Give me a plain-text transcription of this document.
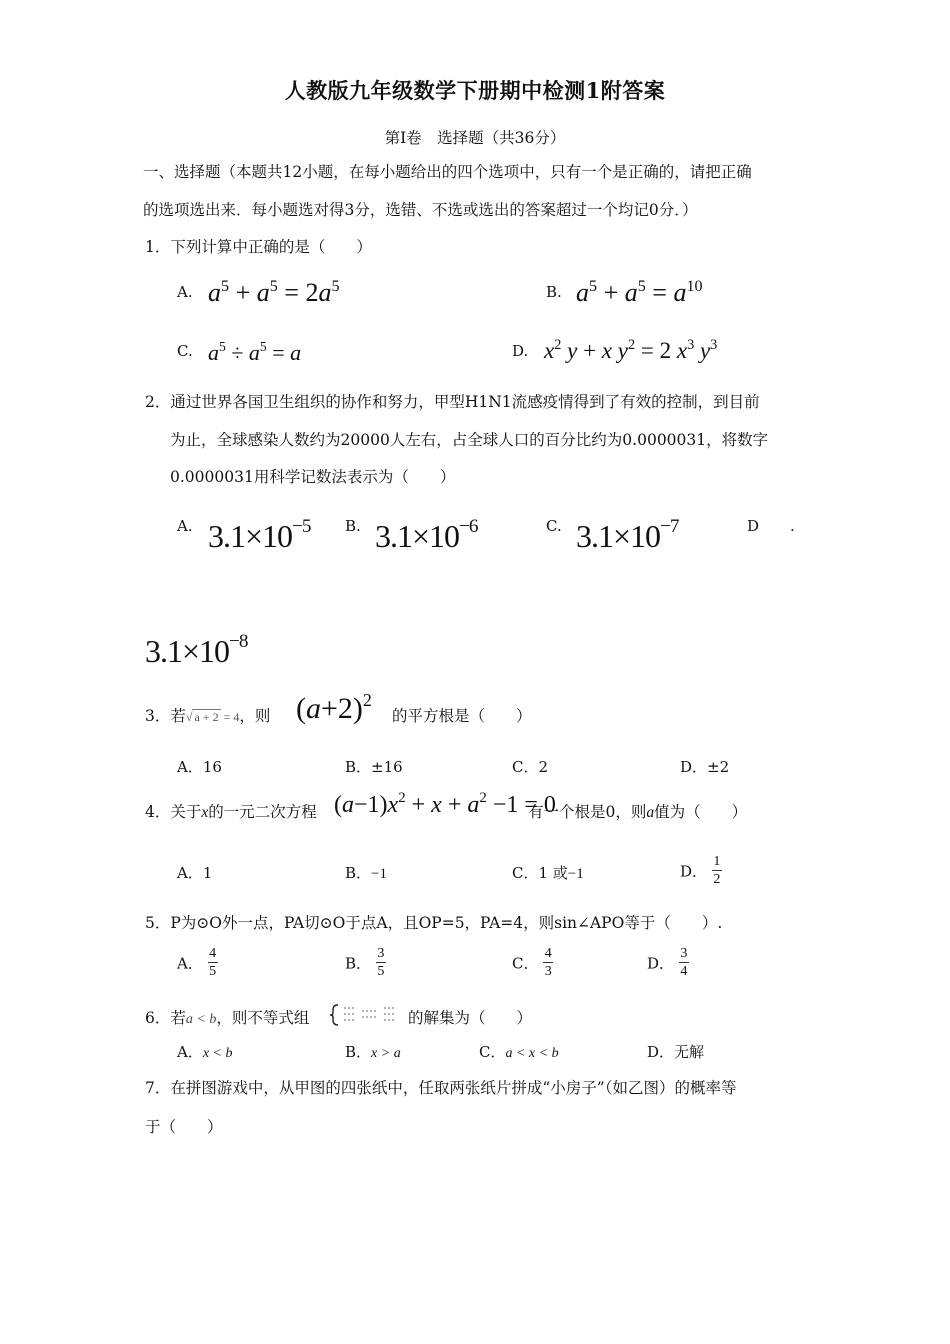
人教版九年级数学下册期中检测1附答案
第Ⅰ卷　选择题（共36分）
一、选择题（本题共12小题，在每小题给出的四个选项中，只有一个是正确的，请把正确
的选项选出来．每小题选对得3分，选错、不选或选出的答案超过一个均记0分．）
1．下列计算中正确的是（　　）
A. $a^5 + a^5 = 2a^5$	B. $a^5 + a^5 = a^{10}$
C. $a^5 \div a^5 = a$	D. $x^2$ y + x $y^2 = 2$ $x^3$ $y^3$
2．通过世界各国卫生组织的协作和努力，甲型H1N1流感疫情得到了有效的控制，到目前
为止，全球感染人数约为20000人左右，占全球人口的百分比约为0.0000031，将数字
0.0000031用科学记数法表示为（　　）
A. $3.1\times 10^{-5}$ B. $3.1\times 10^{-6}$	C. $3.1\times 10^{-7}$	D .
$3.1\times 10^{-8}$
3．若√ a + 2 = 4，则 $(a+2)^2$
的平方根是（　　）
A．16	B．±16	C．2	D．±2
4．关于x的一元二次方程 $(a-1)x^2 + x + a^2 -1 = 0$
有一个根是0，则a值为（　　）
A．1	B．−1	C．1 或−1	D． $\frac{1}{2}$
5．P为⊙O外一点，PA切⊙O于点A，且OP=5，PA=4，则sin∠APO等于（　　）.
A． $\frac{4}{5}$	B． $\frac{3}{5}$	C． $\frac{4}{3}$	D． $\frac{3}{4}$
6．若a < b，则不等式组	的解集为（　　）
A．x < b	B．x > a	C．a < x < b	D．无解
7．在拼图游戏中，从甲图的四张纸中，任取两张纸片拼成“小房子”（如乙图）的概率等
于（　　）
